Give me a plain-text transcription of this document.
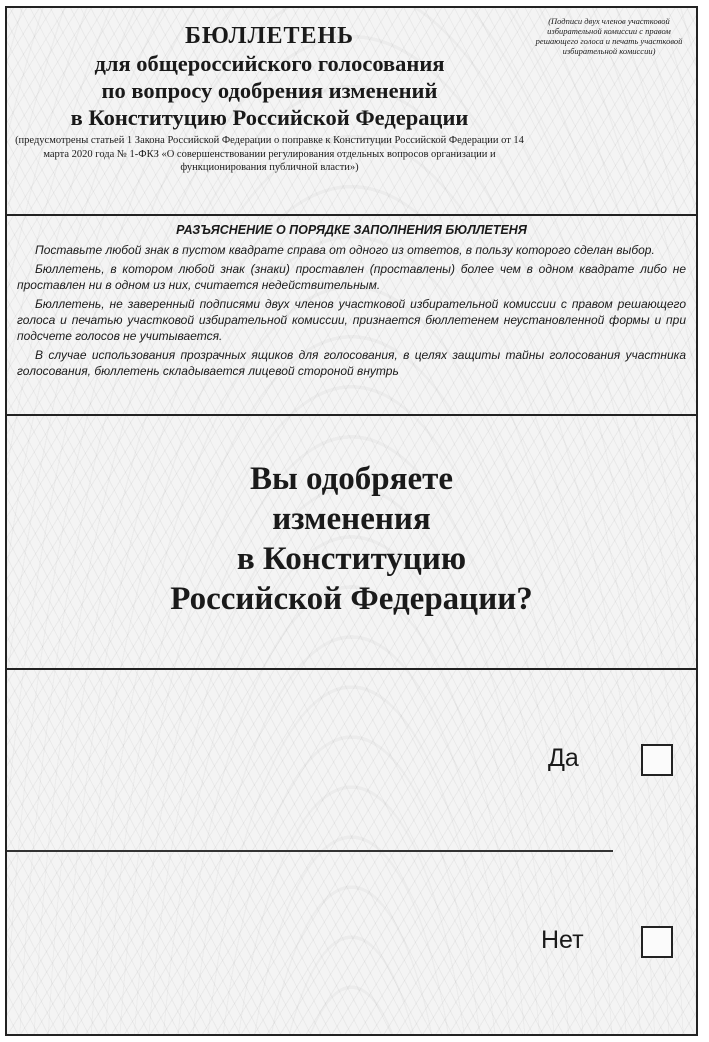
БЮЛЛЕТЕНЬ
для общероссийского голосования
по вопросу одобрения изменений
в Конституцию Российской Федерации
(предусмотрены статьей 1 Закона Российской Федерации о поправке к Конституции Российской Федерации от 14 марта 2020 года № 1-ФКЗ «О совершенствовании регулирования отдельных вопросов организации и функционирования публичной власти»)
(Подписи двух членов участковой избирательной комиссии с правом решающего голоса и печать участковой избирательной комиссии)
РАЗЪЯСНЕНИЕ О ПОРЯДКЕ ЗАПОЛНЕНИЯ БЮЛЛЕТЕНЯ

Поставьте любой знак в пустом квадрате справа от одного из ответов, в пользу которого сделан выбор.

Бюллетень, в котором любой знак (знаки) проставлен (проставлены) более чем в одном квадрате либо не проставлен ни в одном из них, считается недействительным.

Бюллетень, не заверенный подписями двух членов участковой избирательной комиссии с правом решающего голоса и печатью участковой избирательной комиссии, признается бюллетенем неустановленной формы и при подсчете голосов не учитывается.

В случае использования прозрачных ящиков для голосования, в целях защиты тайны голосования участника голосования, бюллетень складывается лицевой стороной внутрь

Вы одобряете
изменения
в Конституцию
Российской Федерации?
Да
Нет
